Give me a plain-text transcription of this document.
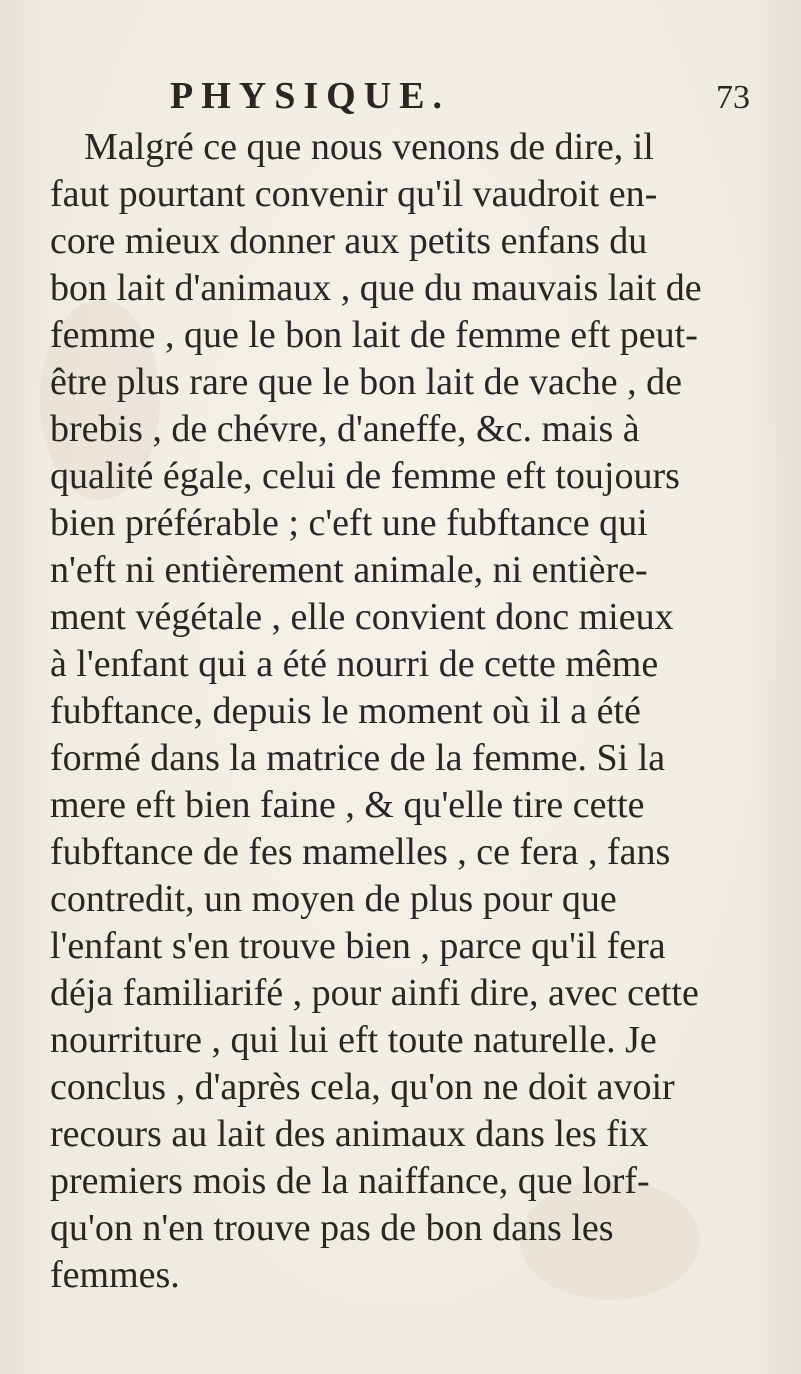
PHYSIQUE.	73
Malgré ce que nous venons de dire, il
faut pourtant convenir qu'il vaudroit en-
core mieux donner aux petits enfans du
bon lait d'animaux , que du mauvais lait de
femme , que le bon lait de femme eft peut-
être plus rare que le bon lait de vache , de
brebis , de chévre, d'aneffe, &c. mais à
qualité égale, celui de femme eft toujours
bien préférable ; c'eft une fubftance qui
n'eft ni entièrement animale, ni entière-
ment végétale , elle convient donc mieux
à l'enfant qui a été nourri de cette même
fubftance, depuis le moment où il a été
formé dans la matrice de la femme. Si la
mere eft bien faine , & qu'elle tire cette
fubftance de fes mamelles , ce fera , fans
contredit, un moyen de plus pour que
l'enfant s'en trouve bien , parce qu'il fera
déja familiarifé , pour ainfi dire, avec cette
nourriture , qui lui eft toute naturelle. Je
conclus , d'après cela, qu'on ne doit avoir
recours au lait des animaux dans les fix
premiers mois de la naiffance, que lorf-
qu'on n'en trouve pas de bon dans les
femmes.
